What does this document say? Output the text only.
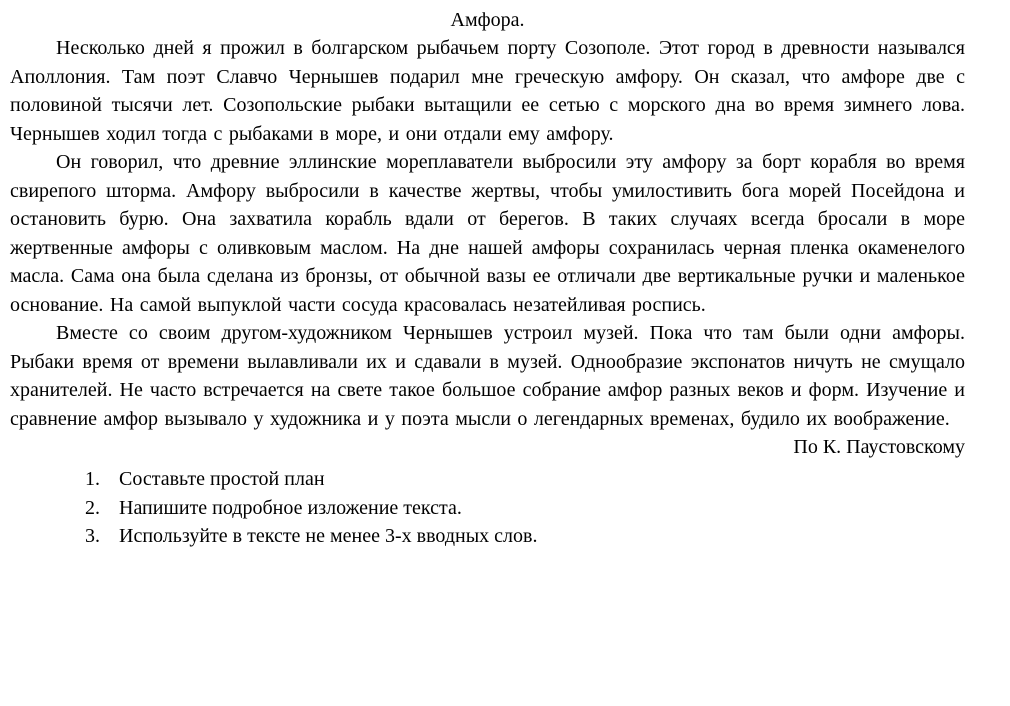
Амфора.

Несколько дней я прожил в болгарском рыбачьем порту Созополе. Этот город в древности назывался Аполлония. Там поэт Славчо Чернышев подарил мне греческую амфору. Он сказал, что амфоре две с половиной тысячи лет. Созопольские рыбаки вытащили ее сетью с морского дна во время зимнего лова. Чернышев ходил тогда с рыбаками в море, и они отдали ему амфору.

Он говорил, что древние эллинские мореплаватели выбросили эту амфору за борт корабля во время свирепого шторма. Амфору выбросили в качестве жертвы, чтобы умилостивить бога морей Посейдона и остановить бурю. Она захватила корабль вдали от берегов. В таких случаях всегда бросали в море жертвенные амфоры с оливковым маслом. На дне нашей амфоры сохранилась черная пленка окаменелого масла. Сама она была сделана из бронзы, от обычной вазы ее отличали две вертикальные ручки и маленькое основание. На самой выпуклой части сосуда красовалась незатейливая роспись.

Вместе со своим другом-художником Чернышев устроил музей. Пока что там были одни амфоры. Рыбаки время от времени вылавливали их и сдавали в музей. Однообразие экспонатов ничуть не смущало хранителей. Не часто встречается на свете такое большое собрание амфор разных веков и форм. Изучение и сравнение амфор вызывало у художника и у поэта мысли о легендарных временах, будило их воображение.

По К. Паустовскому
1. Составьте простой план
2. Напишите подробное изложение текста.
3. Используйте в тексте не менее 3-х вводных слов.
